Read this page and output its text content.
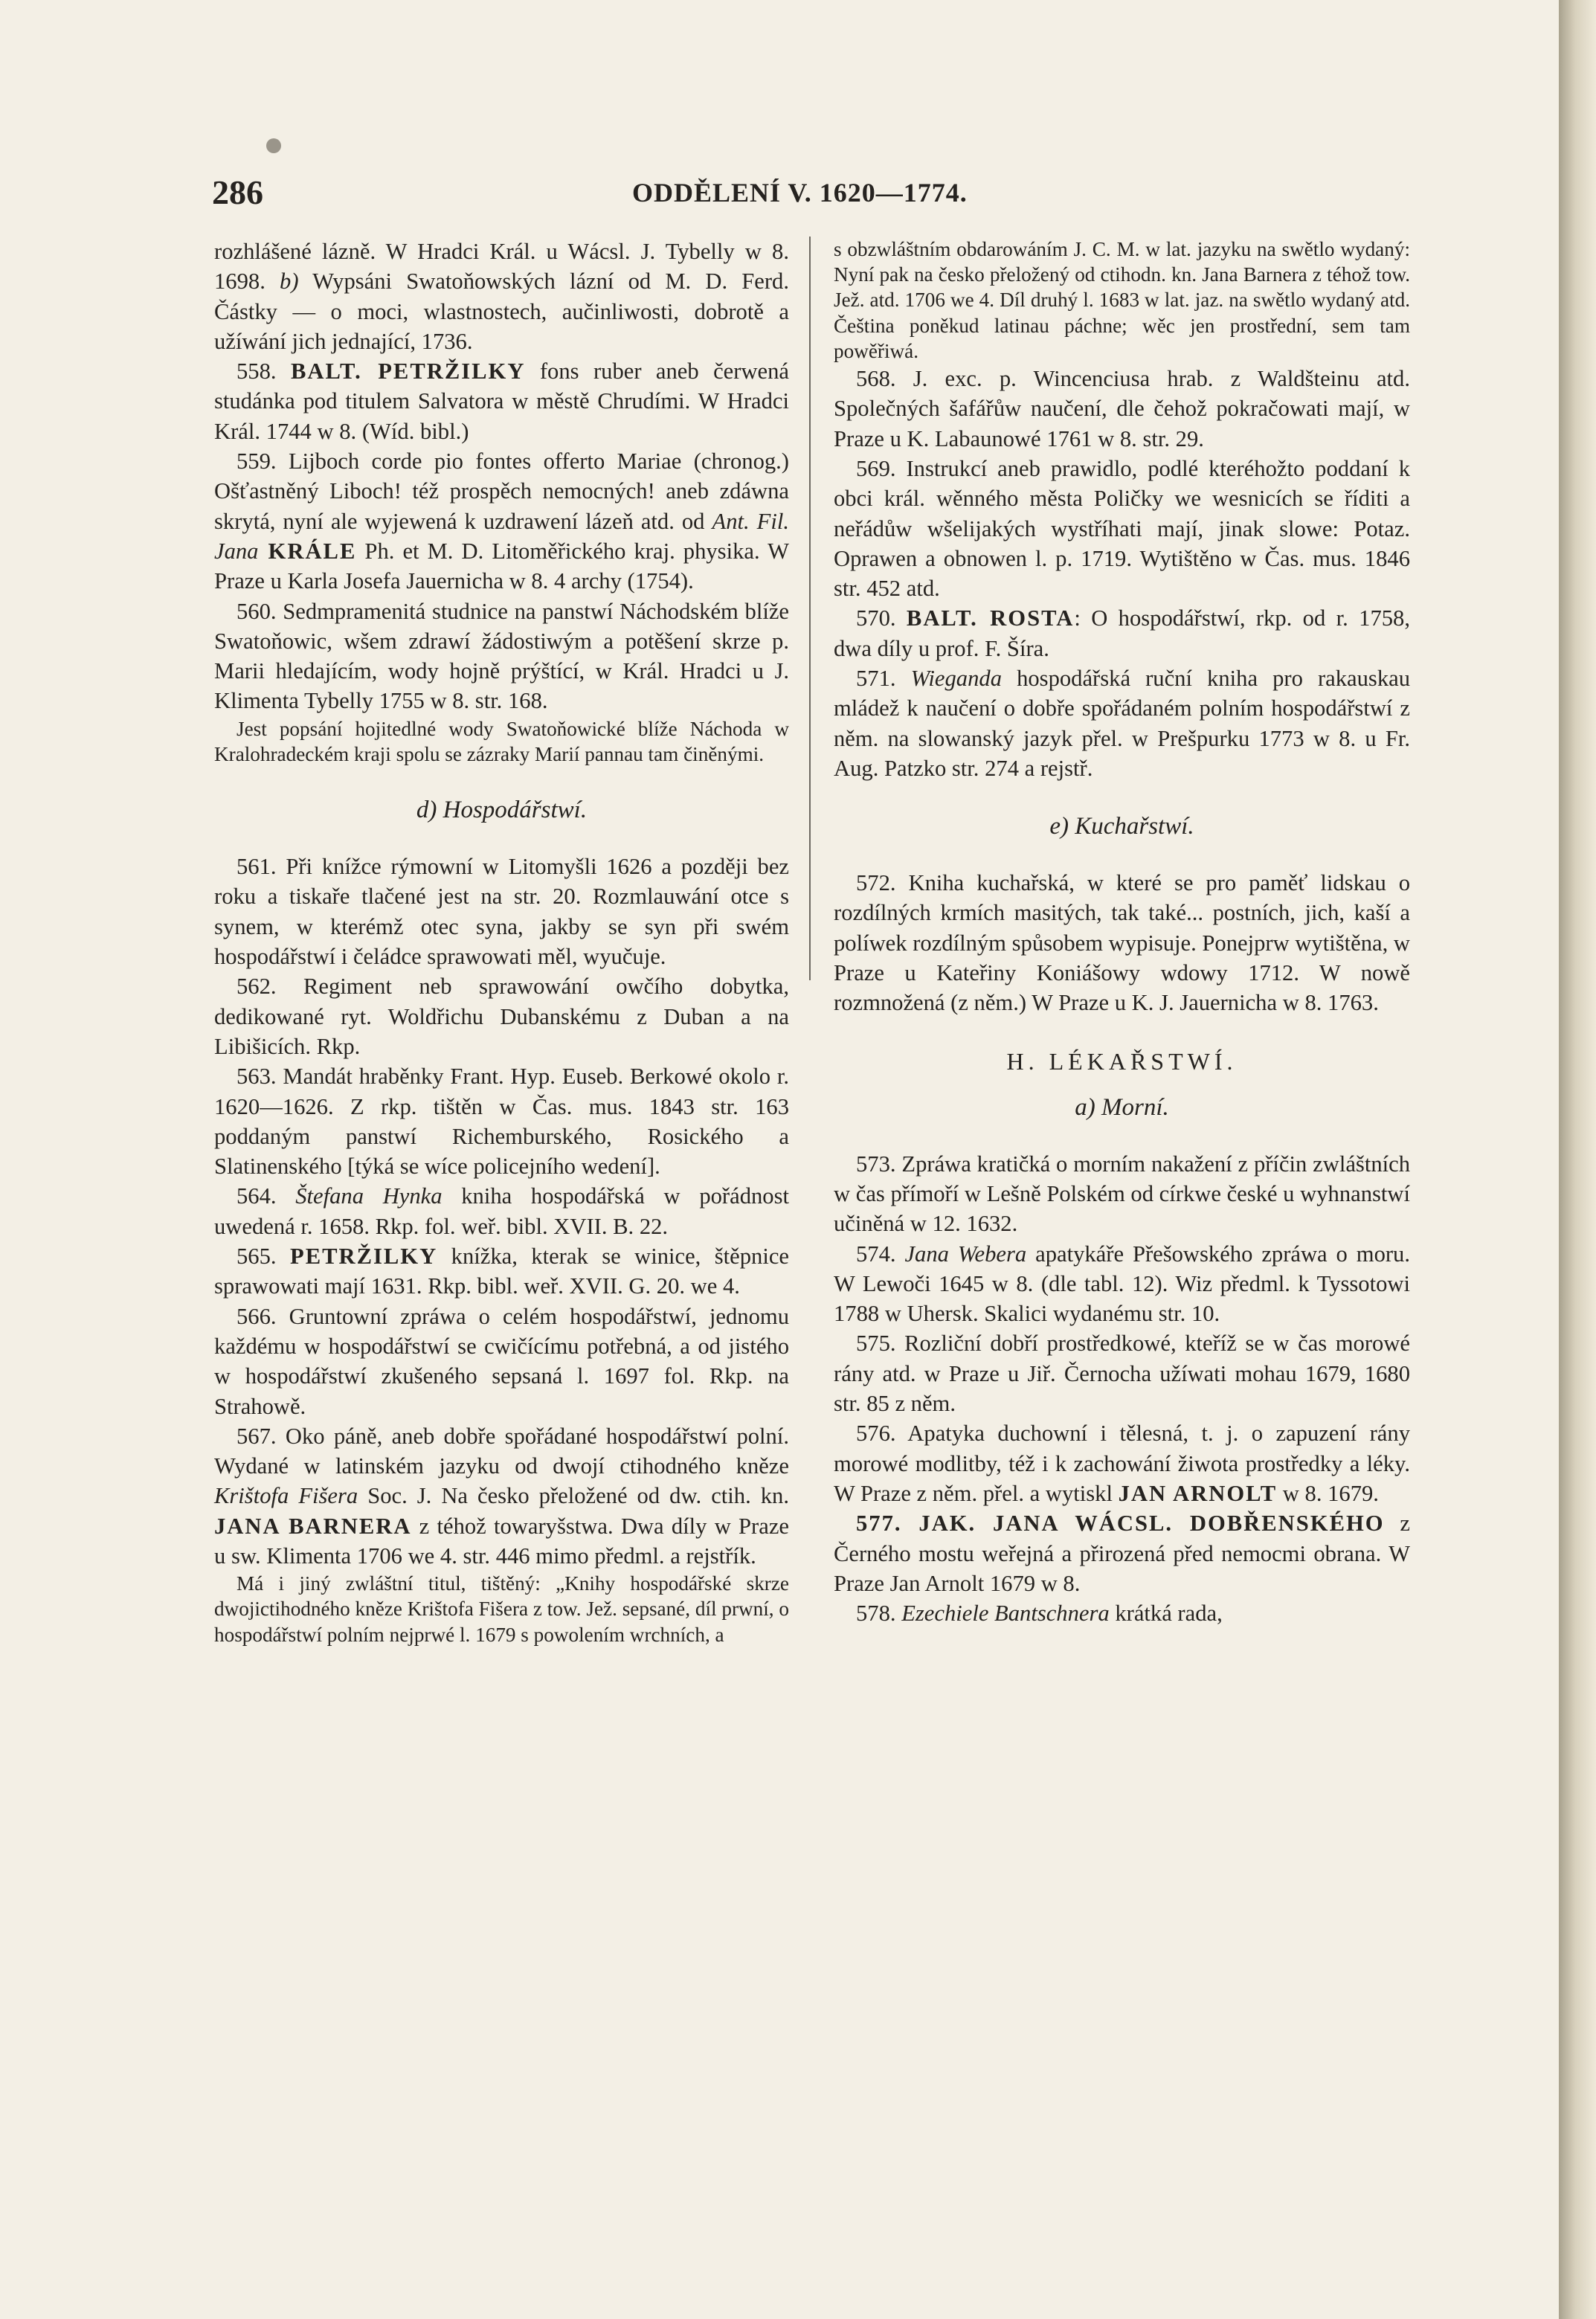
286	ODDĚLENÍ V. 1620—1774.

rozhlášené lázně. W Hradci Král. u Wácsl. J. Tybelly w 8. 1698. b) Wypsáni Swatoňowských lázní od M. D. Ferd. Částky — o moci, wlastnostech, aučinliwosti, dobrotě a užíwání jich jednající, 1736.

558. BALT. PETRŽILKY fons ruber aneb čerwená studánka pod titulem Salvatora w městě Chrudími. W Hradci Král. 1744 w 8. (Wíd. bibl.)

559. Lijboch corde pio fontes offerto Mariae (chronog.) Ošťastněný Liboch! též prospěch nemocných! aneb zdáwna skrytá, nyní ale wyjewená k uzdrawení lázeň atd. od Ant. Fil. Jana KRÁLE Ph. et M. D. Litoměřického kraj. physika. W Praze u Karla Josefa Jauernicha w 8. 4 archy (1754).

560. Sedmpramenitá studnice na panstwí Náchodském blíže Swatoňowic, wšem zdrawí žádostiwým a potěšení skrze p. Marii hledajícím, wody hojně prýštící, w Král. Hradci u J. Klimenta Tybelly 1755 w 8. str. 168.

Jest popsání hojitedlné wody Swatoňowické blíže Náchoda w Kralohradeckém kraji spolu se zázraky Marií pannau tam činěnými.

d) Hospodářstwí.

561. Při knížce rýmowní w Litomyšli 1626 a později bez roku a tiskaře tlačené jest na str. 20. Rozmlauwání otce s synem, w kterémž otec syna, jakby se syn při swém hospodářstwí i čeládce sprawowati měl, wyučuje.

562. Regiment neb sprawowání owčího dobytka, dedikowané ryt. Woldřichu Dubanskému z Duban a na Libišicích. Rkp.

563. Mandát hraběnky Frant. Hyp. Euseb. Berkowé okolo r. 1620—1626. Z rkp. tištěn w Čas. mus. 1843 str. 163 poddaným panstwí Richemburského, Rosického a Slatinenského [týká se wíce policejního wedení].

564. Štefana Hynka kniha hospodářská w pořádnost uwedená r. 1658. Rkp. fol. weř. bibl. XVII. B. 22.

565. PETRŽILKY knížka, kterak se winice, štěpnice sprawowati mají 1631. Rkp. bibl. weř. XVII. G. 20. we 4.

566. Gruntowní zpráwa o celém hospodářstwí, jednomu každému w hospodářstwí se cwičícímu potřebná, a od jistého w hospodářstwí zkušeného sepsaná l. 1697 fol. Rkp. na Strahowě.

567. Oko páně, aneb dobře spořádané hospodářstwí polní. Wydané w latinském jazyku od dwojí ctihodného kněze Krištofa Fišera Soc. J. Na česko přeložené od dw. ctih. kn. JANA BARNERA z téhož towaryšstwa. Dwa díly w Praze u sw. Klimenta 1706 we 4. str. 446 mimo předml. a rejstřík.

Má i jiný zwláštní titul, tištěný: „Knihy hospodářské skrze dwojictihodného kněze Krištofa Fišera z tow. Jež. sepsané, díl prwní, o hospodářstwí polním nejprwé l. 1679 s powolením wrchních, a

s obzwláštním obdarowáním J. C. M. w lat. jazyku na swětlo wydaný: Nyní pak na česko přeložený od ctihodn. kn. Jana Barnera z téhož tow. Jež. atd. 1706 we 4. Díl druhý l. 1683 w lat. jaz. na swětlo wydaný atd. Čeština poněkud latinau páchne; wěc jen prostřední, sem tam powěřiwá.

568. J. exc. p. Wincenciusa hrab. z Waldšteinu atd. Společných šafářůw naučení, dle čehož pokračowati mají, w Praze u K. Labaunowé 1761 w 8. str. 29.

569. Instrukcí aneb prawidlo, podlé kteréhožto poddaní k obci král. wěnného města Poličky we wesnicích se říditi a neřádůw wšelijakých wystříhati mají, jinak slowe: Potaz. Oprawen a obnowen l. p. 1719. Wytištěno w Čas. mus. 1846 str. 452 atd.

570. BALT. ROSTA: O hospodářstwí, rkp. od r. 1758, dwa díly u prof. F. Šíra.

571. Wieganda hospodářská ruční kniha pro rakauskau mládež k naučení o dobře spořádaném polním hospodářstwí z něm. na slowanský jazyk přel. w Prešpurku 1773 w 8. u Fr. Aug. Patzko str. 274 a rejstř.

e) Kuchařstwí.

572. Kniha kuchařská, w které se pro paměť lidskau o rozdílných krmích masitých, tak také... postních, jich, kaší a políwek rozdílným spůsobem wypisuje. Ponejprw wytištěna, w Praze u Kateřiny Koniášowy wdowy 1712. W nowě rozmnožená (z něm.) W Praze u K. J. Jauernicha w 8. 1763.

H. LÉKAŘSTWÍ.
a) Morní.

573. Zpráwa kratičká o morním nakažení z příčin zwláštních w čas přímoří w Lešně Polském od církwe české u wyhnanstwí učiněná w 12. 1632.

574. Jana Webera apatykáře Přešowského zpráwa o moru. W Lewoči 1645 w 8. (dle tabl. 12). Wiz předml. k Tyssotowi 1788 w Uhersk. Skalici wydanému str. 10.

575. Rozliční dobří prostředkowé, kteříž se w čas morowé rány atd. w Praze u Jiř. Černocha užíwati mohau 1679, 1680 str. 85 z něm.

576. Apatyka duchowní i tělesná, t. j. o zapuzení rány morowé modlitby, též i k zachowání žiwota prostředky a léky. W Praze z něm. přel. a wytiskl JAN ARNOLT w 8. 1679.

577. JAK. JANA WÁCSL. DOBŘENSKÉHO z Černého mostu weřejná a přirozená před nemocmi obrana. W Praze Jan Arnolt 1679 w 8.

578. Ezechiele Bantschnera krátká rada,
